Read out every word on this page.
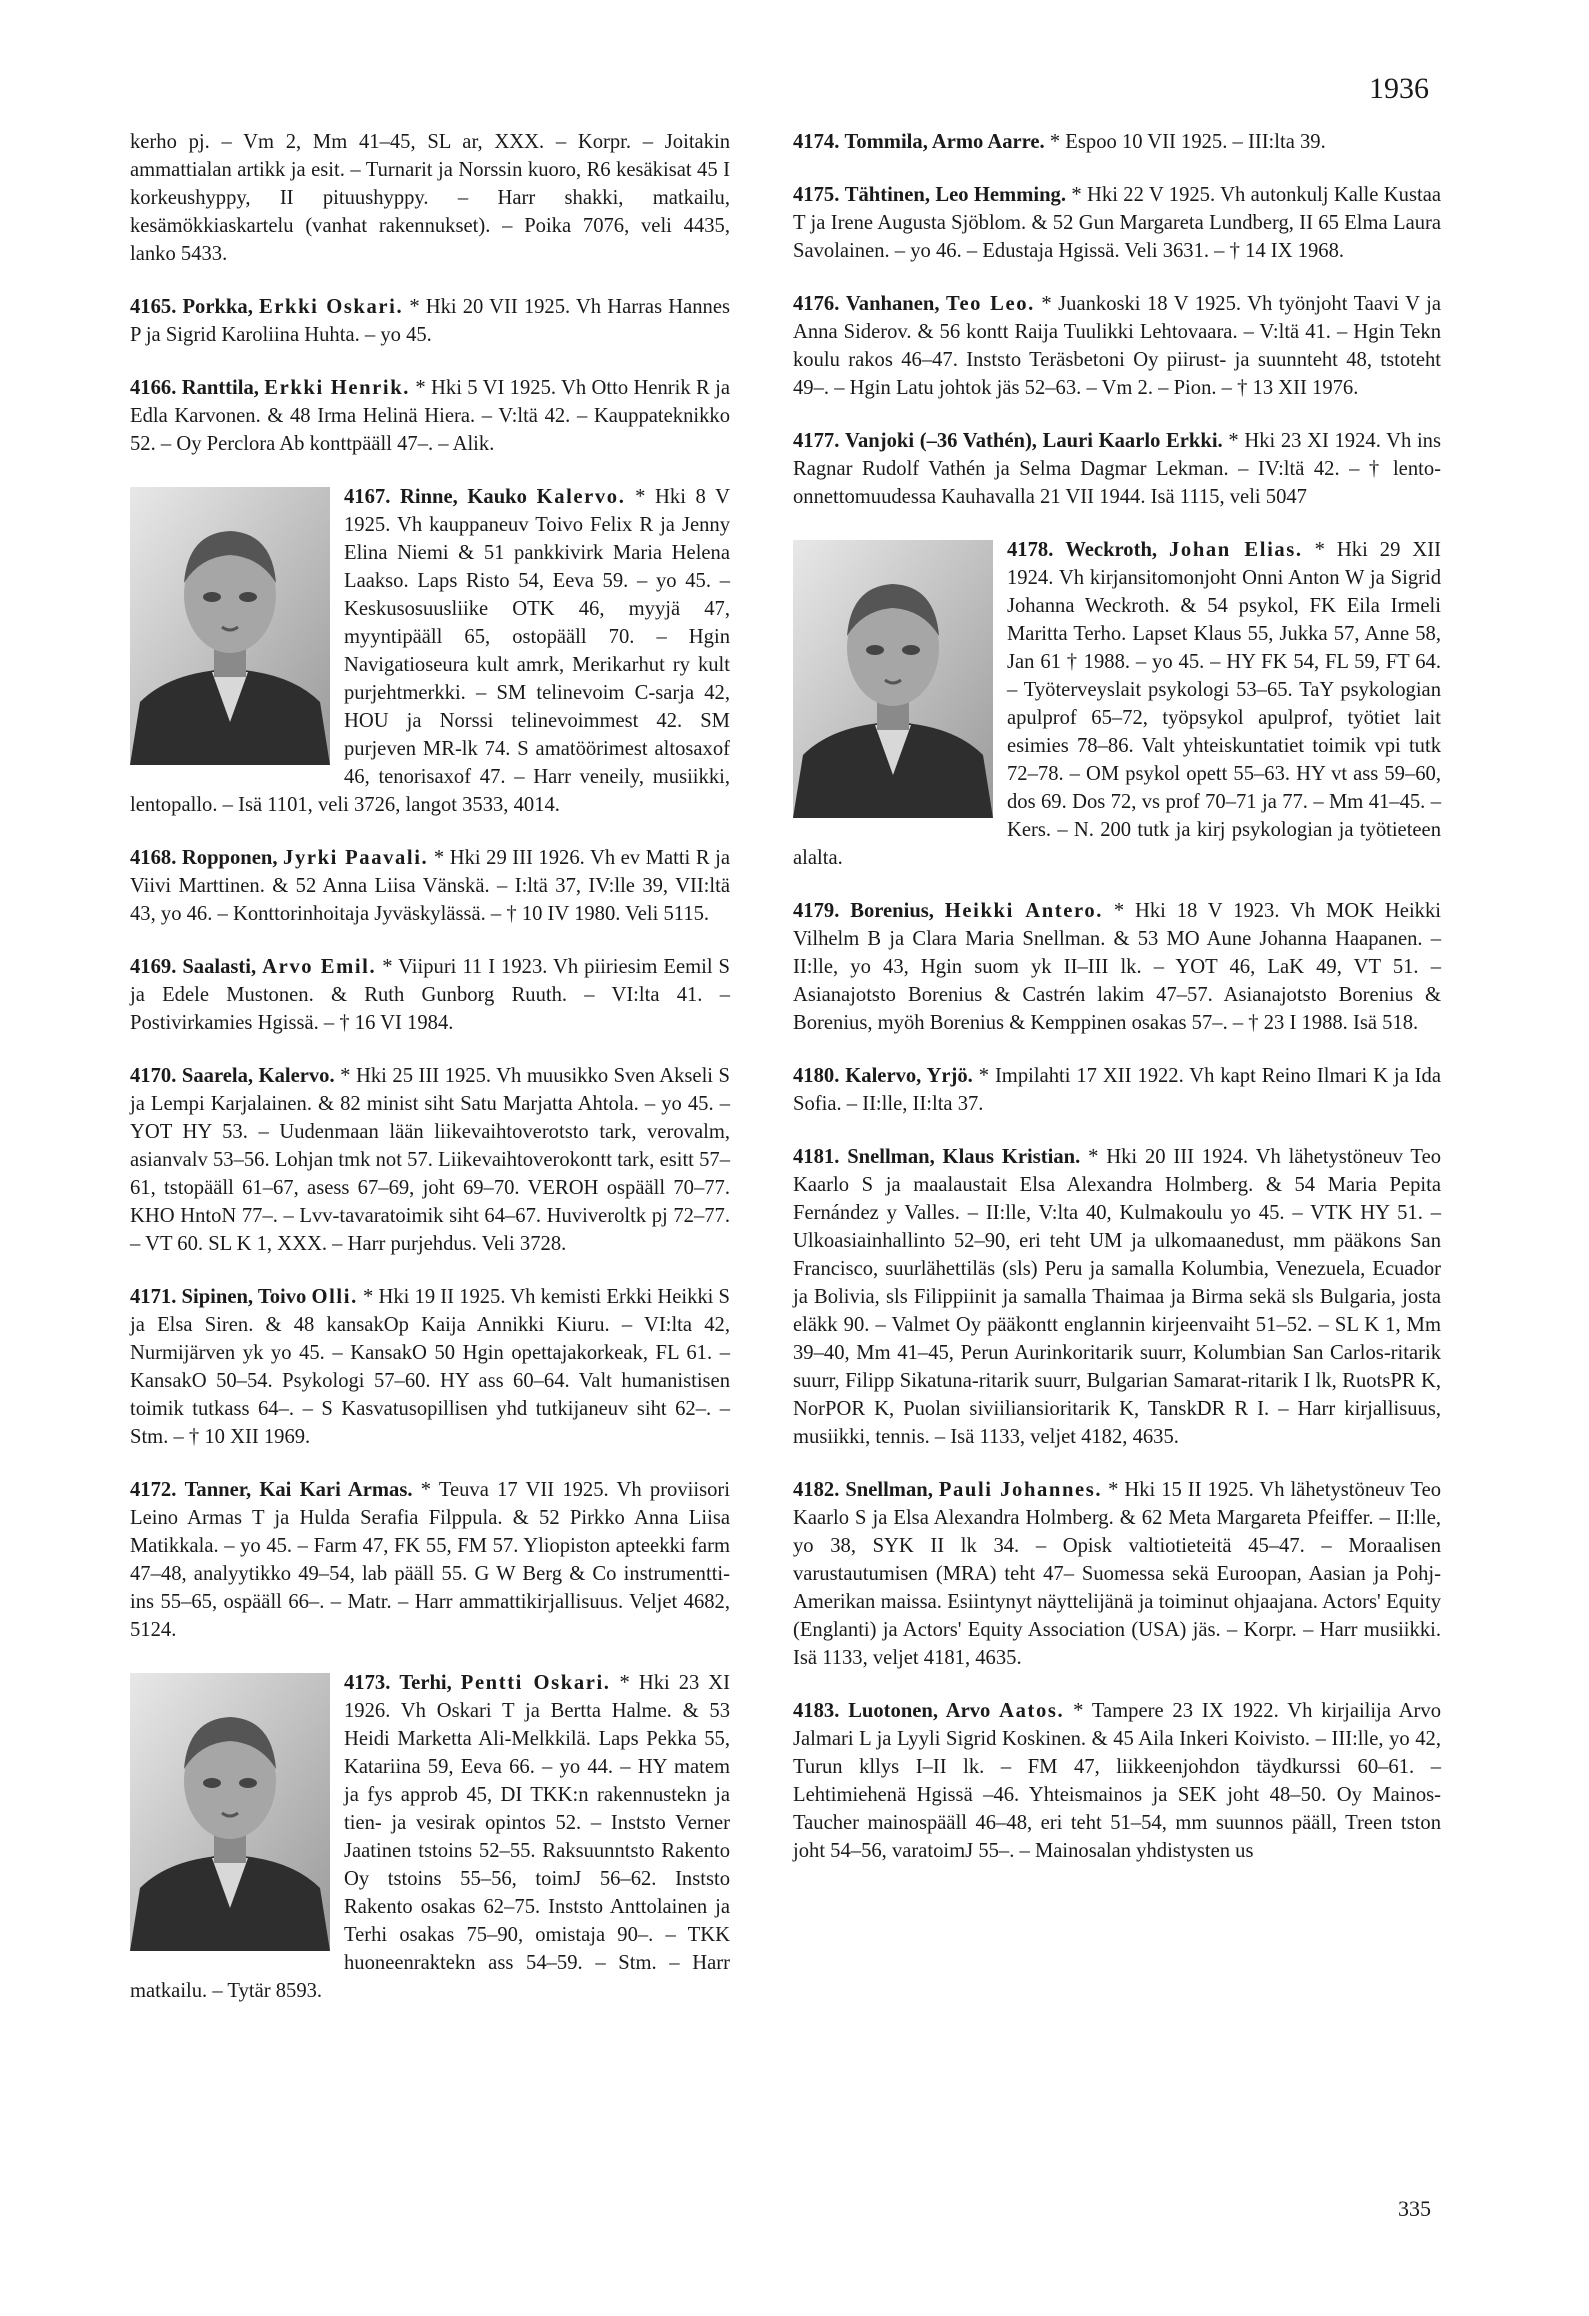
1936

kerho pj. – Vm 2, Mm 41–45, SL ar, XXX. – Korpr. – Joitakin ammattialan artikk ja esit. – Turnarit ja Norssin kuoro, R6 kesäkisat 45 I korkeushyppy, II pituushyppy. – Harr shakki, matkailu, kesämökkiaskartelu (vanhat rakennukset). – Poika 7076, veli 4435, lanko 5433.

4165. Porkka, Erkki Oskari. * Hki 20 VII 1925. Vh Harras Hannes P ja Sigrid Karoliina Huhta. – yo 45.

4166. Ranttila, Erkki Henrik. * Hki 5 VI 1925. Vh Otto Henrik R ja Edla Karvonen. & 48 Irma Helinä Hiera. – V:ltä 42. – Kauppateknikko 52. – Oy Perclora Ab konttpääll 47–. – Alik.

4167. Rinne, Kauko Kalervo. * Hki 8 V 1925. Vh kauppaneuv Toivo Felix R ja Jenny Elina Niemi & 51 pankkivirk Maria Helena Laakso. Laps Risto 54, Eeva 59. – yo 45. – Keskusosuusliike OTK 46, myyjä 47, myyntipääll 65, ostopääll 70. – Hgin Navigatioseura kult amrk, Merikarhut ry kult purjehtmerkki. – SM telinevoim C-sarja 42, HOU ja Norssi telinevoimmest 42. SM purjeven MR-lk 74. S amatöörimest altosaxof 46, tenorisaxof 47. – Harr veneily, musiikki, lentopallo. – Isä 1101, veli 3726, langot 3533, 4014.

4168. Ropponen, Jyrki Paavali. * Hki 29 III 1926. Vh ev Matti R ja Viivi Marttinen. & 52 Anna Liisa Vänskä. – I:ltä 37, IV:lle 39, VII:ltä 43, yo 46. – Konttorinhoitaja Jyväskylässä. – † 10 IV 1980. Veli 5115.

4169. Saalasti, Arvo Emil. * Viipuri 11 I 1923. Vh piiriesim Eemil S ja Edele Mustonen. & Ruth Gunborg Ruuth. – VI:lta 41. – Postivirkamies Hgissä. – † 16 VI 1984.

4170. Saarela, Kalervo. * Hki 25 III 1925. Vh muusikko Sven Akseli S ja Lempi Karjalainen. & 82 minist siht Satu Marjatta Ahtola. – yo 45. – YOT HY 53. – Uudenmaan lään liikevaihtoverotsto tark, verovalm, asianvalv 53–56. Lohjan tmk not 57. Liikevaihtoverokontt tark, esitt 57–61, tstopääll 61–67, asess 67–69, joht 69–70. VEROH ospääll 70–77. KHO HntoN 77–. – Lvv-tavaratoimik siht 64–67. Huviveroltk pj 72–77. – VT 60. SL K 1, XXX. – Harr purjehdus. Veli 3728.

4171. Sipinen, Toivo Olli. * Hki 19 II 1925. Vh kemisti Erkki Heikki S ja Elsa Siren. & 48 kansakOp Kaija Annikki Kiuru. – VI:lta 42, Nurmijärven yk yo 45. – KansakO 50 Hgin opettajakorkeak, FL 61. – KansakO 50–54. Psykologi 57–60. HY ass 60–64. Valt humanistisen toimik tutkass 64–. – S Kasvatusopillisen yhd tutkijaneuv siht 62–. – Stm. – † 10 XII 1969.

4172. Tanner, Kai Kari Armas. * Teuva 17 VII 1925. Vh proviisori Leino Armas T ja Hulda Serafia Filppula. & 52 Pirkko Anna Liisa Matikkala. – yo 45. – Farm 47, FK 55, FM 57. Yliopiston apteekki farm 47–48, analyytikko 49–54, lab pääll 55. G W Berg & Co instrumentti-ins 55–65, ospääll 66–. – Matr. – Harr ammattikirjallisuus. Veljet 4682, 5124.

4173. Terhi, Pentti Oskari. * Hki 23 XI 1926. Vh Oskari T ja Bertta Halme. & 53 Heidi Marketta Ali-Melkkilä. Laps Pekka 55, Katariina 59, Eeva 66. – yo 44. – HY matem ja fys approb 45, DI TKK:n rakennustekn ja tien- ja vesirak opintos 52. – Inststo Verner Jaatinen tstoins 52–55. Raksuunntsto Rakento Oy tstoins 55–56, toimJ 56–62. Inststo Rakento osakas 62–75. Inststo Anttolainen ja Terhi osakas 75–90, omistaja 90–. – TKK huoneenraktekn ass 54–59. – Stm. – Harr matkailu. – Tytär 8593.

4174. Tommila, Armo Aarre. * Espoo 10 VII 1925. – III:lta 39.

4175. Tähtinen, Leo Hemming. * Hki 22 V 1925. Vh autonkulj Kalle Kustaa T ja Irene Augusta Sjöblom. & 52 Gun Margareta Lundberg, II 65 Elma Laura Savolainen. – yo 46. – Edustaja Hgissä. Veli 3631. – † 14 IX 1968.

4176. Vanhanen, Teo Leo. * Juankoski 18 V 1925. Vh työnjoht Taavi V ja Anna Siderov. & 56 kontt Raija Tuulikki Lehtovaara. – V:ltä 41. – Hgin Tekn koulu rakos 46–47. Inststo Teräsbetoni Oy piirust- ja suunnteht 48, tstoteht 49–. – Hgin Latu johtok jäs 52–63. – Vm 2. – Pion. – † 13 XII 1976.

4177. Vanjoki (–36 Vathén), Lauri Kaarlo Erkki. * Hki 23 XI 1924. Vh ins Ragnar Rudolf Vathén ja Selma Dagmar Lekman. – IV:ltä 42. – † lento-onnettomuudessa Kauhavalla 21 VII 1944. Isä 1115, veli 5047

4178. Weckroth, Johan Elias. * Hki 29 XII 1924. Vh kirjansitomonjoht Onni Anton W ja Sigrid Johanna Weckroth. & 54 psykol, FK Eila Irmeli Maritta Terho. Lapset Klaus 55, Jukka 57, Anne 58, Jan 61 † 1988. – yo 45. – HY FK 54, FL 59, FT 64. – Työterveyslait psykologi 53–65. TaY psykologian apulprof 65–72, työpsykol apulprof, työtiet lait esimies 78–86. Valt yhteiskuntatiet toimik vpi tutk 72–78. – OM psykol opett 55–63. HY vt ass 59–60, dos 69. Dos 72, vs prof 70–71 ja 77. – Mm 41–45. – Kers. – N. 200 tutk ja kirj psykologian ja työtieteen alalta.

4179. Borenius, Heikki Antero. * Hki 18 V 1923. Vh MOK Heikki Vilhelm B ja Clara Maria Snellman. & 53 MO Aune Johanna Haapanen. – II:lle, yo 43, Hgin suom yk II–III lk. – YOT 46, LaK 49, VT 51. – Asianajotsto Borenius & Castrén lakim 47–57. Asianajotsto Borenius & Borenius, myöh Borenius & Kemppinen osakas 57–. – † 23 I 1988. Isä 518.

4180. Kalervo, Yrjö. * Impilahti 17 XII 1922. Vh kapt Reino Ilmari K ja Ida Sofia. – II:lle, II:lta 37.

4181. Snellman, Klaus Kristian. * Hki 20 III 1924. Vh lähetystöneuv Teo Kaarlo S ja maalaustait Elsa Alexandra Holmberg. & 54 Maria Pepita Fernández y Valles. – II:lle, V:lta 40, Kulmakoulu yo 45. – VTK HY 51. – Ulkoasiainhallinto 52–90, eri teht UM ja ulkomaanedust, mm pääkons San Francisco, suurlähettiläs (sls) Peru ja samalla Kolumbia, Venezuela, Ecuador ja Bolivia, sls Filippiinit ja samalla Thaimaa ja Birma sekä sls Bulgaria, josta eläkk 90. – Valmet Oy pääkontt englannin kirjeenvaiht 51–52. – SL K 1, Mm 39–40, Mm 41–45, Perun Aurinkoritarik suurr, Kolumbian San Carlos-ritarik suurr, Filipp Sikatuna-ritarik suurr, Bulgarian Samarat-ritarik I lk, RuotsPR K, NorPOR K, Puolan siviiliansioritarik K, TanskDR R I. – Harr kirjallisuus, musiikki, tennis. – Isä 1133, veljet 4182, 4635.

4182. Snellman, Pauli Johannes. * Hki 15 II 1925. Vh lähetystöneuv Teo Kaarlo S ja Elsa Alexandra Holmberg. & 62 Meta Margareta Pfeiffer. – II:lle, yo 38, SYK II lk 34. – Opisk valtiotieteitä 45–47. – Moraalisen varustautumisen (MRA) teht 47– Suomessa sekä Euroopan, Aasian ja Pohj-Amerikan maissa. Esiintynyt näyttelijänä ja toiminut ohjaajana. Actors' Equity (Englanti) ja Actors' Equity Association (USA) jäs. – Korpr. – Harr musiikki. Isä 1133, veljet 4181, 4635.

4183. Luotonen, Arvo Aatos. * Tampere 23 IX 1922. Vh kirjailija Arvo Jalmari L ja Lyyli Sigrid Koskinen. & 45 Aila Inkeri Koivisto. – III:lle, yo 42, Turun kllys I–II lk. – FM 47, liikkeenjohdon täydkurssi 60–61. – Lehtimiehenä Hgissä –46. Yhteismainos ja SEK joht 48–50. Oy Mainos-Taucher mainospääll 46–48, eri teht 51–54, mm suunnos pääll, Treen tston joht 54–56, varatoimJ 55–. – Mainosalan yhdistysten us

335
